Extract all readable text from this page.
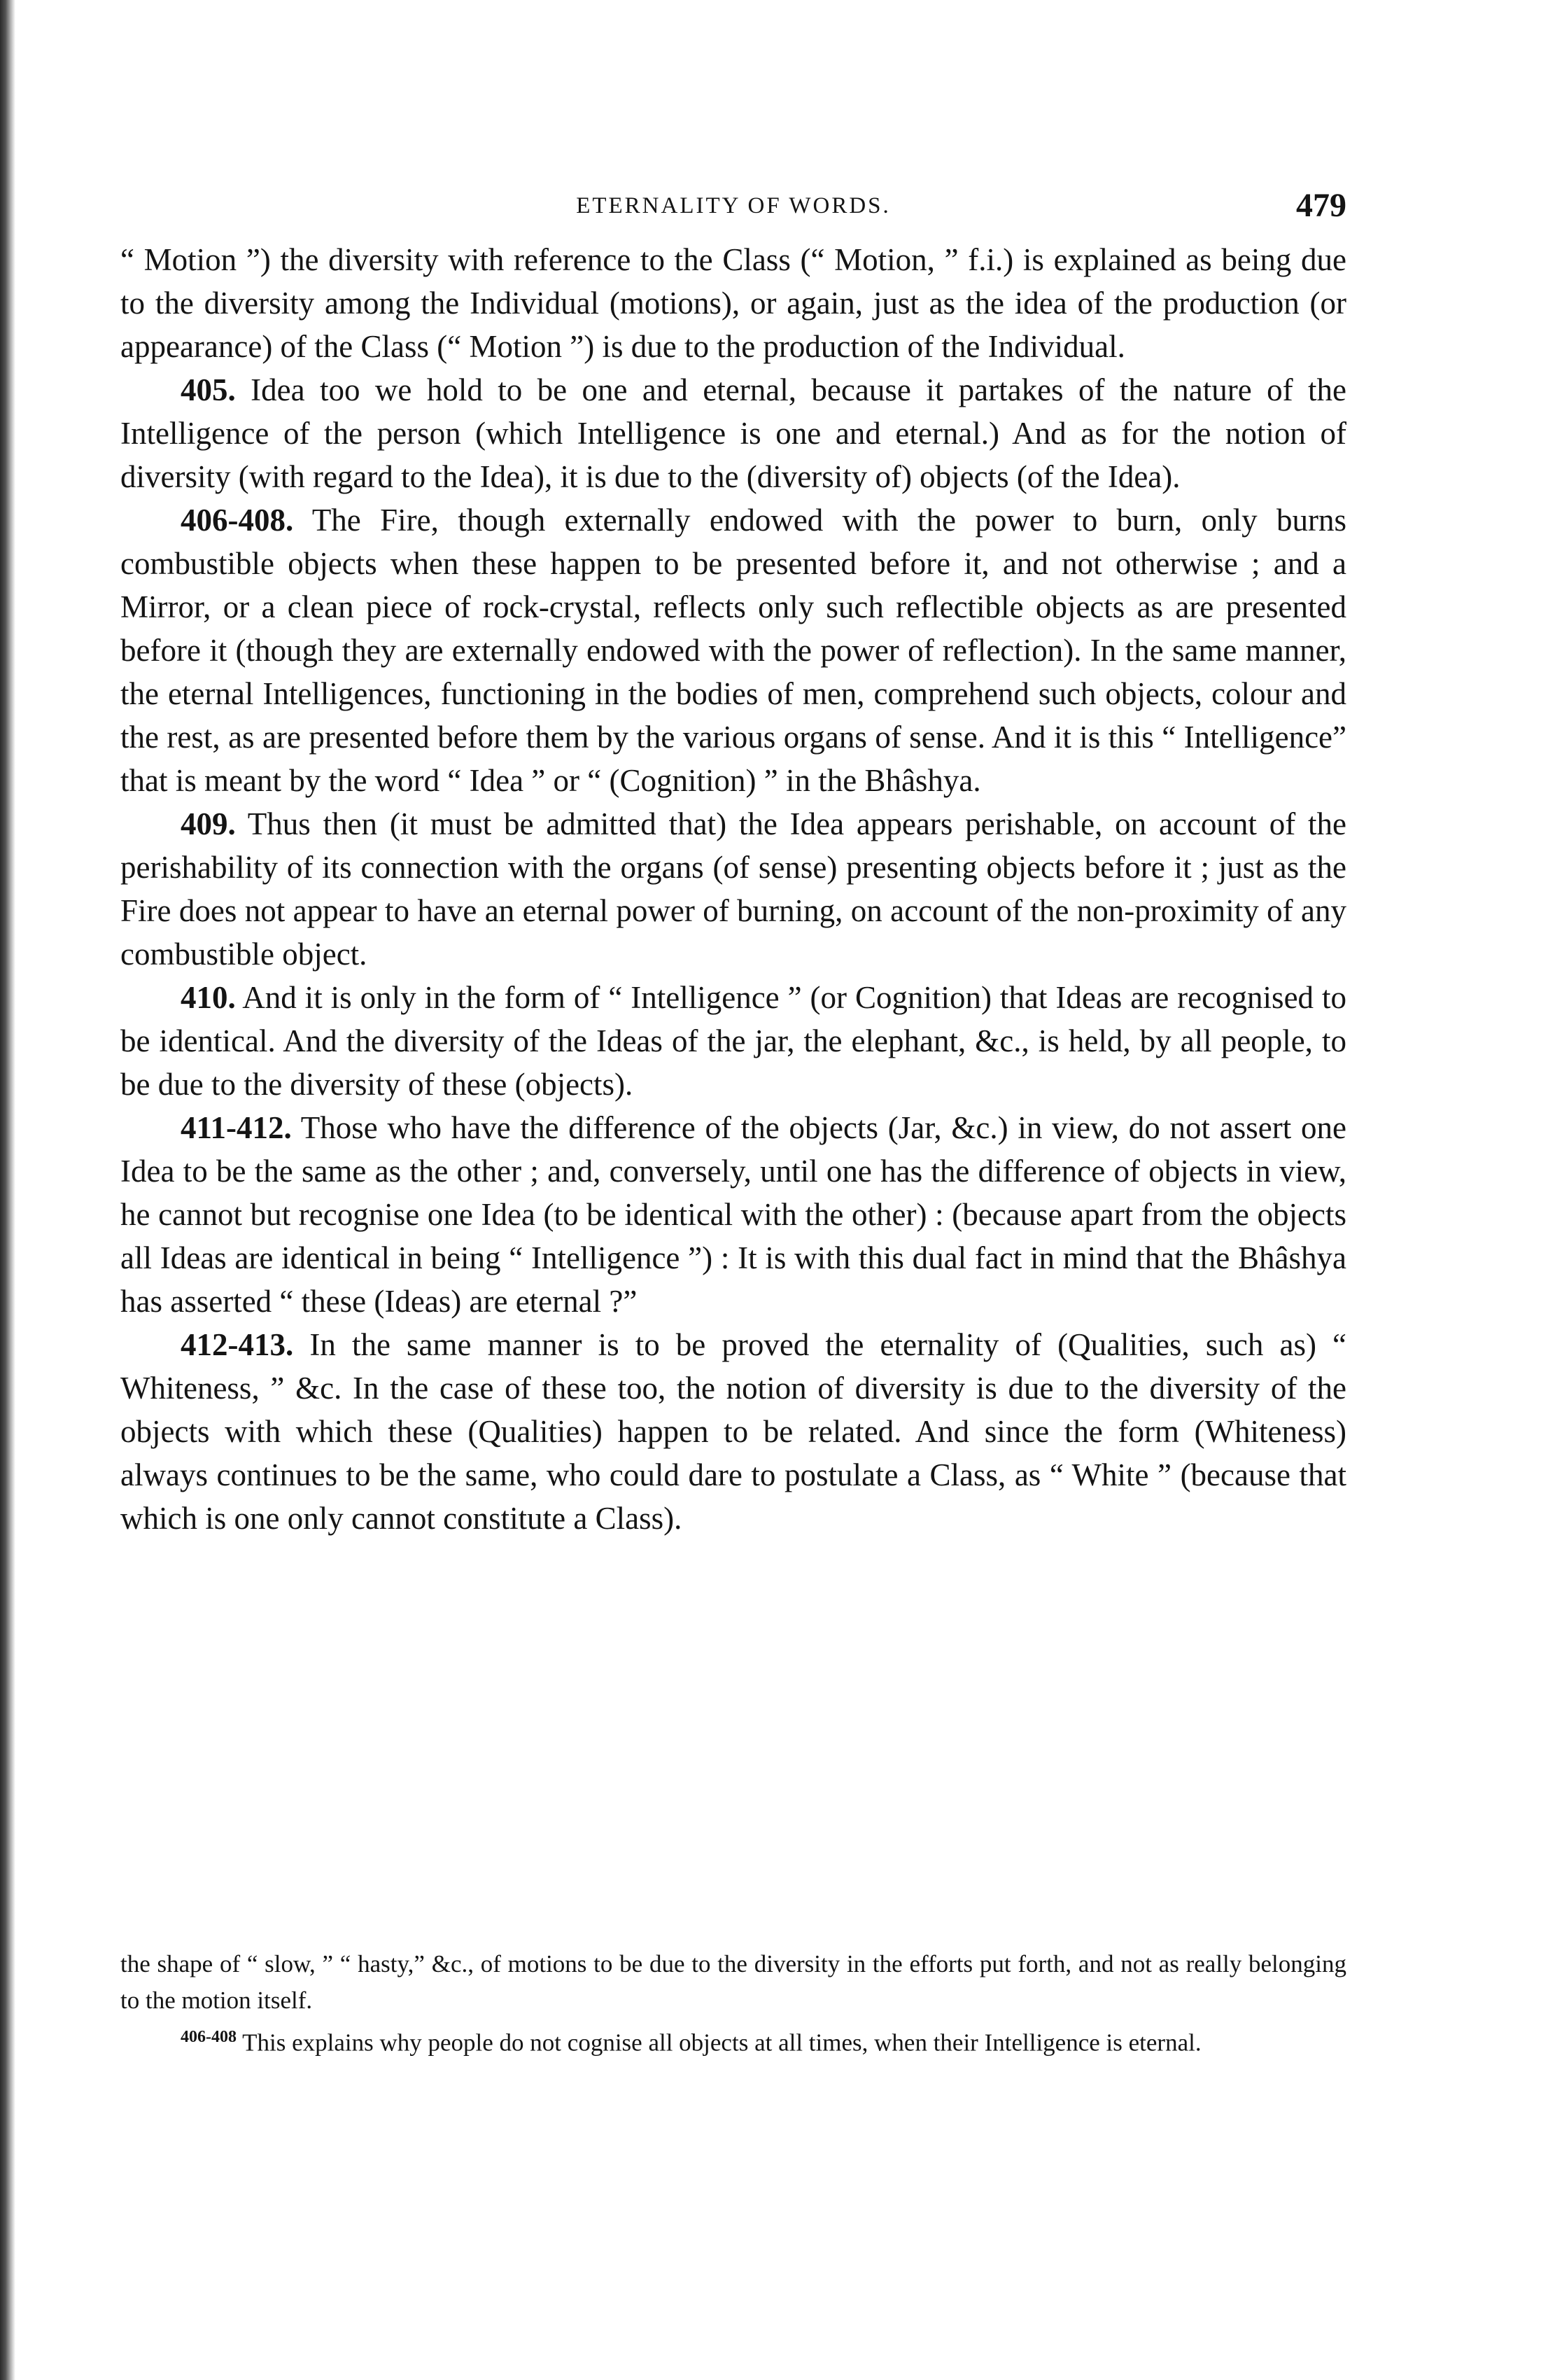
ETERNALITY OF WORDS.	479

“ Motion ”) the diversity with reference to the Class (“ Motion, ” f.i.) is explained as being due to the diversity among the Individual (motions), or again, just as the idea of the production (or appearance) of the Class (“ Motion ”) is due to the production of the Individual.

405. Idea too we hold to be one and eternal, because it partakes of the nature of the Intelligence of the person (which Intelligence is one and eternal.) And as for the notion of diversity (with regard to the Idea), it is due to the (diversity of) objects (of the Idea).

406-408. The Fire, though externally endowed with the power to burn, only burns combustible objects when these happen to be presented before it, and not otherwise ; and a Mirror, or a clean piece of rock-crystal, reflects only such reflectible objects as are presented before it (though they are externally endowed with the power of reflection). In the same manner, the eternal Intelligences, functioning in the bodies of men, comprehend such objects, colour and the rest, as are presented before them by the various organs of sense. And it is this “ Intelligence” that is meant by the word “ Idea ” or “ (Cognition) ” in the Bhâshya.

409. Thus then (it must be admitted that) the Idea appears perishable, on account of the perishability of its connection with the organs (of sense) presenting objects before it ; just as the Fire does not appear to have an eternal power of burning, on account of the non-proximity of any combustible object.

410. And it is only in the form of “ Intelligence ” (or Cognition) that Ideas are recognised to be identical. And the diversity of the Ideas of the jar, the elephant, &c., is held, by all people, to be due to the diversity of these (objects).

411-412. Those who have the difference of the objects (Jar, &c.) in view, do not assert one Idea to be the same as the other ; and, conversely, until one has the difference of objects in view, he cannot but recognise one Idea (to be identical with the other) : (because apart from the objects all Ideas are identical in being “ Intelligence ”) : It is with this dual fact in mind that the Bhâshya has asserted “ these (Ideas) are eternal ?”

412-413. In the same manner is to be proved the eternality of (Qualities, such as) “ Whiteness, ” &c. In the case of these too, the notion of diversity is due to the diversity of the objects with which these (Qualities) happen to be related. And since the form (Whiteness) always continues to be the same, who could dare to postulate a Class, as “ White ” (because that which is one only cannot constitute a Class).

the shape of “ slow, ” “ hasty,” &c., of motions to be due to the diversity in the efforts put forth, and not as really belonging to the motion itself.

$^{406-408}$ This explains why people do not cognise all objects at all times, when their Intelligence is eternal.
